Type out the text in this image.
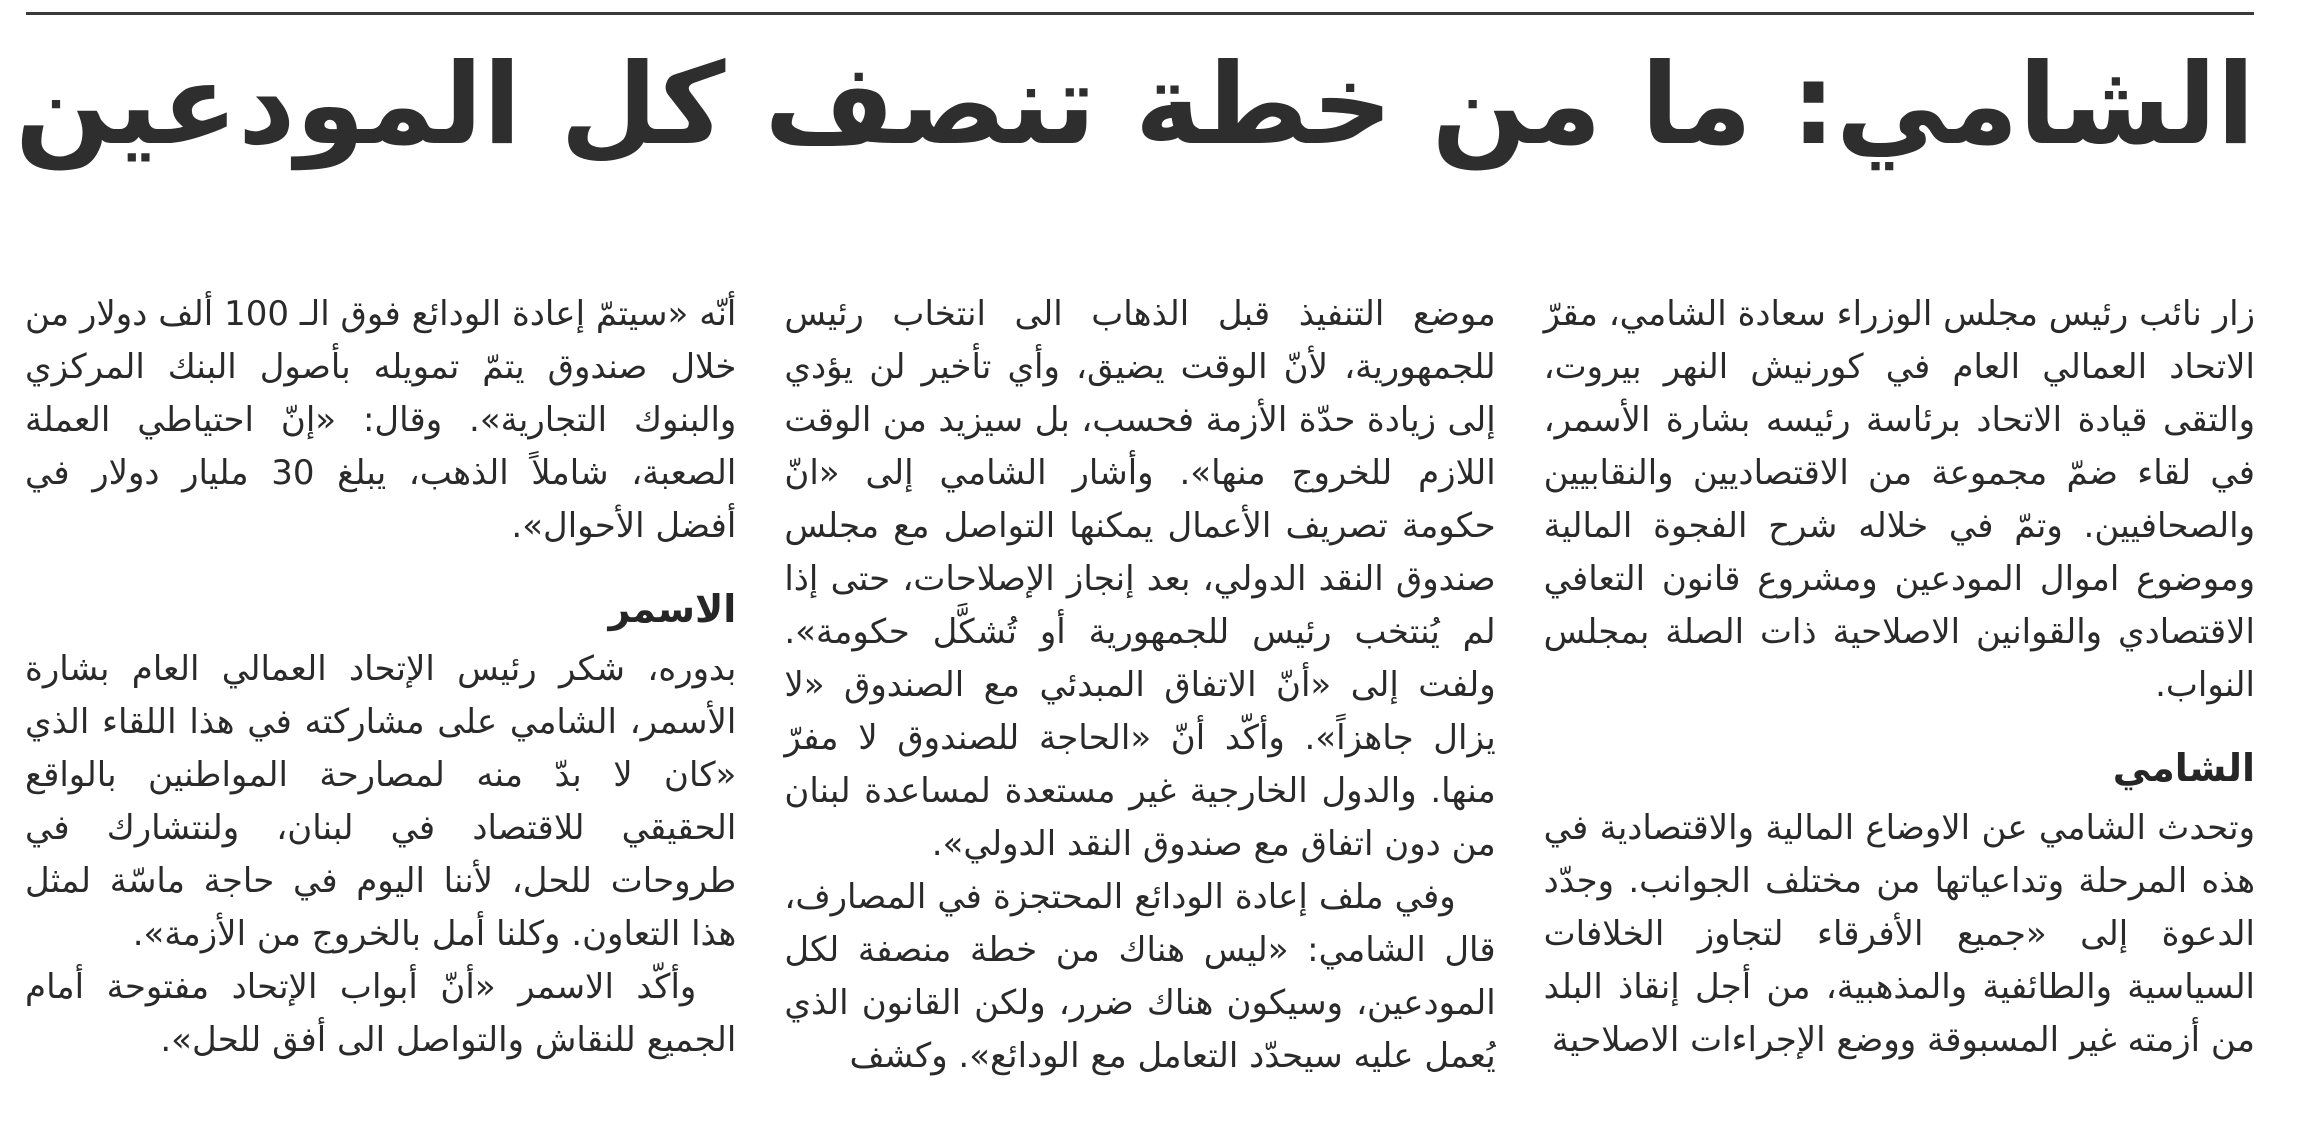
الشامي: ما من خطة تنصف كل المودعين

زار نائب رئيس مجلس الوزراء سعادة الشامي، مقرّ الاتحاد العمالي العام في كورنيش النهر بيروت، والتقى قيادة الاتحاد برئاسة رئيسه بشارة الأسمر، في لقاء ضمّ مجموعة من الاقتصاديين والنقابيين والصحافيين. وتمّ في خلاله شرح الفجوة المالية وموضوع اموال المودعين ومشروع قانون التعافي الاقتصادي والقوانين الاصلاحية ذات الصلة بمجلس النواب.

الشامي

وتحدث الشامي عن الاوضاع المالية والاقتصادية في هذه المرحلة وتداعياتها من مختلف الجوانب. وجدّد الدعوة إلى «جميع الأفرقاء لتجاوز الخلافات السياسية والطائفية والمذهبية، من أجل إنقاذ البلد من أزمته غير المسبوقة ووضع الإجراءات الاصلاحية

موضع التنفيذ قبل الذهاب الى انتخاب رئيس للجمهورية، لأنّ الوقت يضيق، وأي تأخير لن يؤدي إلى زيادة حدّة الأزمة فحسب، بل سيزيد من الوقت اللازم للخروج منها». وأشار الشامي إلى «انّ حكومة تصريف الأعمال يمكنها التواصل مع مجلس صندوق النقد الدولي، بعد إنجاز الإصلاحات، حتى إذا لم يُنتخب رئيس للجمهورية أو تُشكَّل حكومة». ولفت إلى «أنّ الاتفاق المبدئي مع الصندوق «لا يزال جاهزاً». وأكّد أنّ «الحاجة للصندوق لا مفرّ منها. والدول الخارجية غير مستعدة لمساعدة لبنان من دون اتفاق مع صندوق النقد الدولي».

وفي ملف إعادة الودائع المحتجزة في المصارف، قال الشامي: «ليس هناك من خطة منصفة لكل المودعين، وسيكون هناك ضرر، ولكن القانون الذي يُعمل عليه سيحدّد التعامل مع الودائع». وكشف

أنّه «سيتمّ إعادة الودائع فوق الـ 100 ألف دولار من خلال صندوق يتمّ تمويله بأصول البنك المركزي والبنوك التجارية». وقال: «إنّ احتياطي العملة الصعبة، شاملاً الذهب، يبلغ 30 مليار دولار في أفضل الأحوال».

الاسمر

بدوره، شكر رئيس الإتحاد العمالي العام بشارة الأسمر، الشامي على مشاركته في هذا اللقاء الذي «كان لا بدّ منه لمصارحة المواطنين بالواقع الحقيقي للاقتصاد في لبنان، ولنتشارك في طروحات للحل، لأننا اليوم في حاجة ماسّة لمثل هذا التعاون. وكلنا أمل بالخروج من الأزمة».

وأكّد الاسمر «أنّ أبواب الإتحاد مفتوحة أمام الجميع للنقاش والتواصل الى أفق للحل».
